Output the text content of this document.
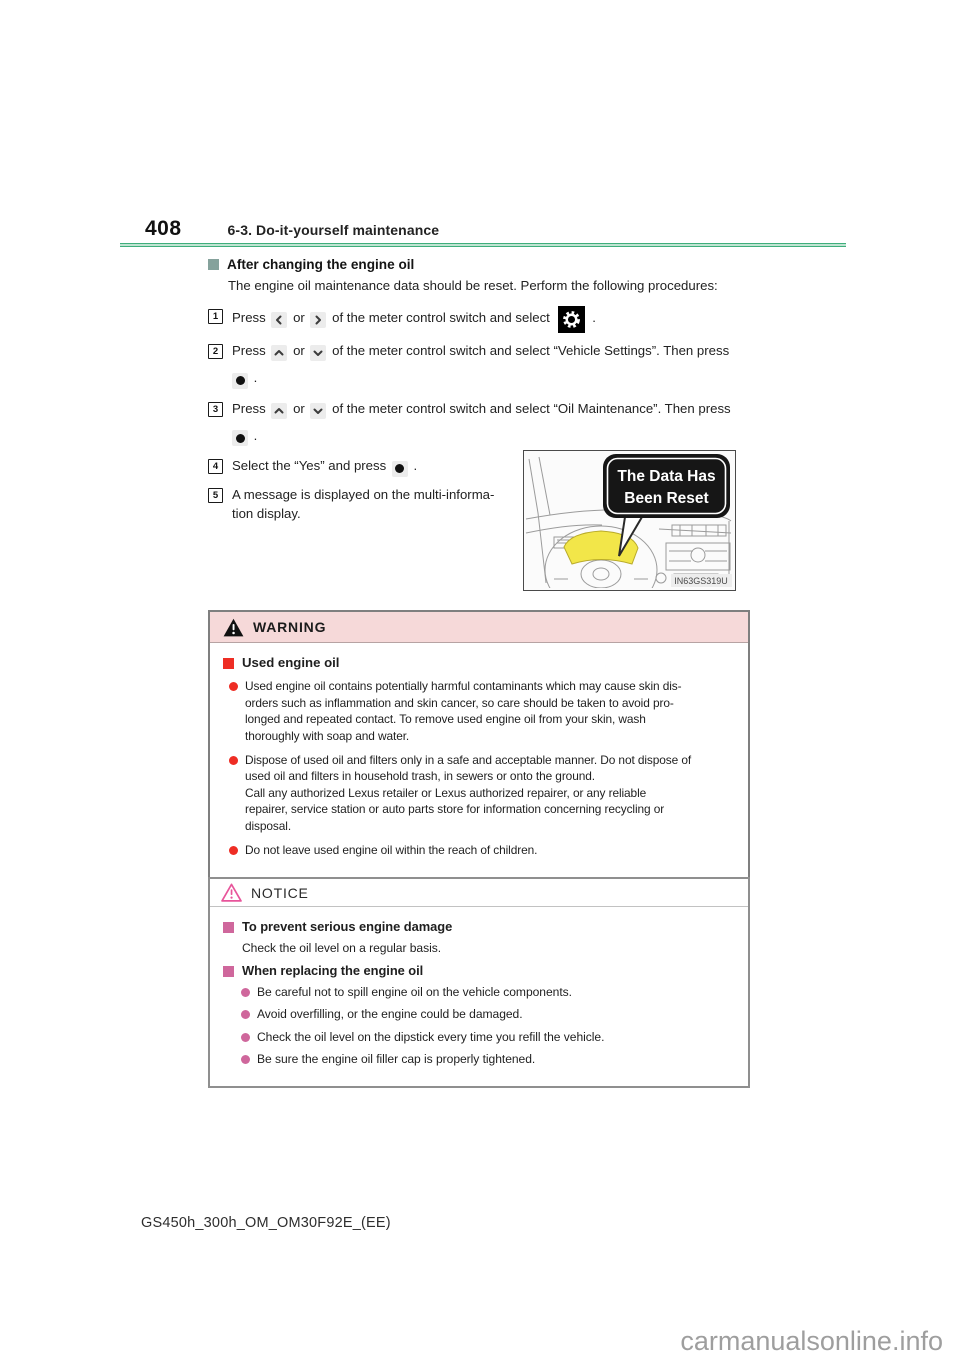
408	6-3. Do-it-yourself maintenance
After changing the engine oil
The engine oil maintenance data should be reset. Perform the following procedures:
1	Press or of the meter control switch and select	.
2	Press or of the meter control switch and select “Vehicle Settings”. Then press
.
3	Press or of the meter control switch and select “Oil Maintenance”. Then press
.
4	Select the “Yes” and press .
5	A message is displayed on the multi-informa-
tion display.
The Data Has
Been Reset
IN63GS319U
WARNING
Used engine oil
Used engine oil contains potentially harmful contaminants which may cause skin dis-
orders such as inflammation and skin cancer, so care should be taken to avoid pro-
longed and repeated contact. To remove used engine oil from your skin, wash
thoroughly with soap and water.
Dispose of used oil and filters only in a safe and acceptable manner. Do not dispose of
used oil and filters in household trash, in sewers or onto the ground.
Call any authorized Lexus retailer or Lexus authorized repairer, or any reliable
repairer, service station or auto parts store for information concerning recycling or
disposal.
Do not leave used engine oil within the reach of children.
NOTICE
To prevent serious engine damage
Check the oil level on a regular basis.
When replacing the engine oil
Be careful not to spill engine oil on the vehicle components.
Avoid overfilling, or the engine could be damaged.
Check the oil level on the dipstick every time you refill the vehicle.
Be sure the engine oil filler cap is properly tightened.
GS450h_300h_OM_OM30F92E_(EE)
carmanualsonline.info
